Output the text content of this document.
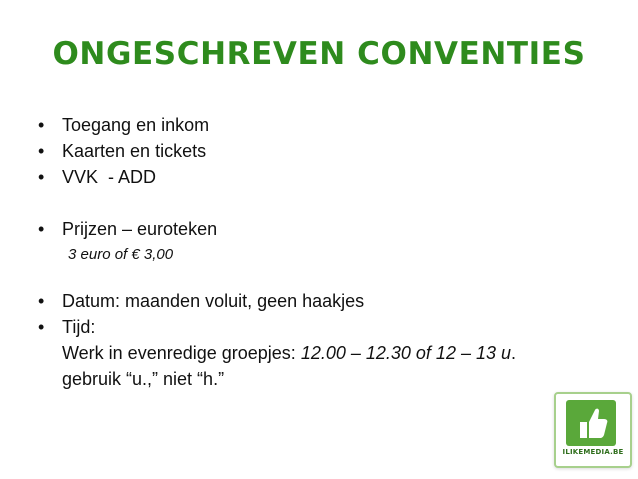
ONGESCHREVEN CONVENTIES
• Toegang en inkom
• Kaarten en tickets
• VVK  - ADD
• Prijzen – euroteken
3 euro of € 3,00
• Datum: maanden voluit, geen haakjes
• Tijd:
Werk in evenredige groepjes: 12.00 – 12.30 of 12 – 13 u.
gebruik “u.,” niet “h.”
ILIKEMEDIA.BE
